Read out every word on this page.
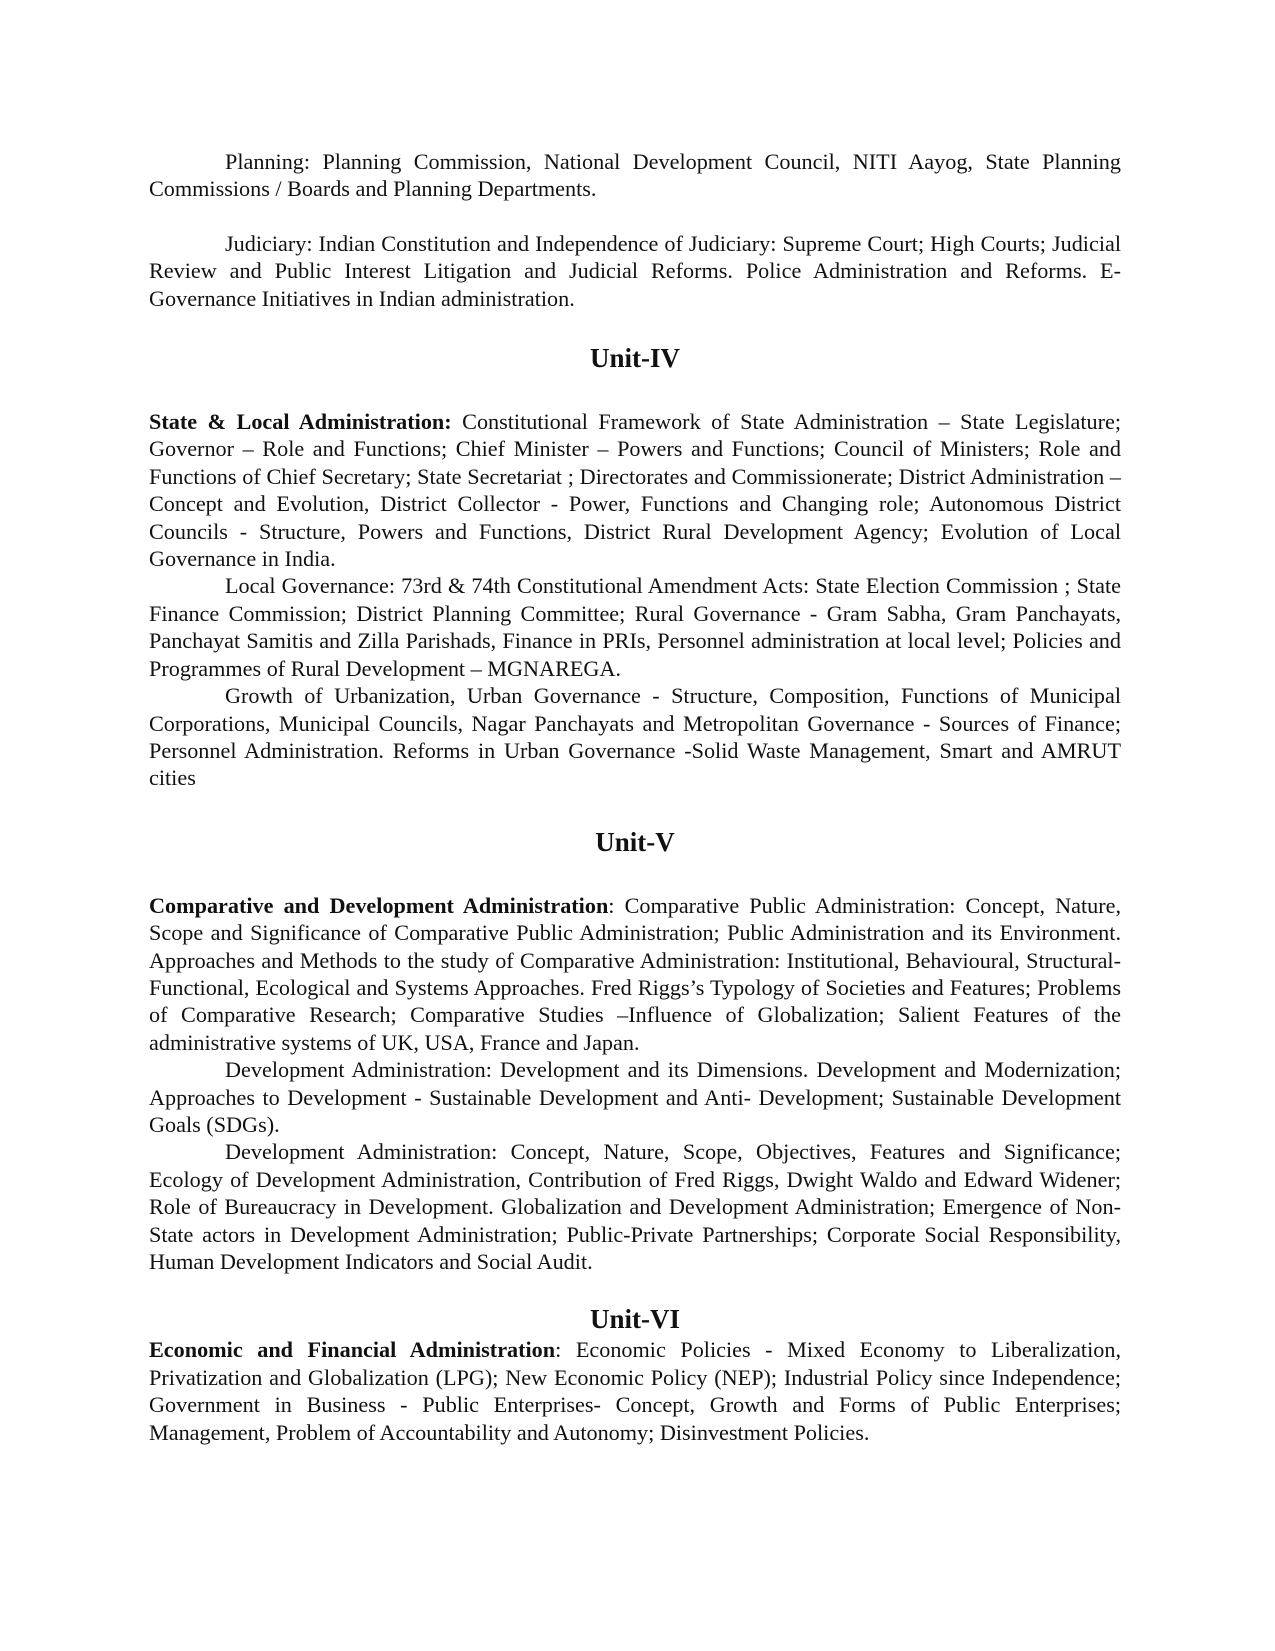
Planning: Planning Commission, National Development Council, NITI Aayog, State Planning Commissions / Boards and Planning Departments.

Judiciary: Indian Constitution and Independence of Judiciary: Supreme Court; High Courts; Judicial Review and Public Interest Litigation and Judicial Reforms. Police Administration and Reforms. E- Governance Initiatives in Indian administration.

Unit-IV

State & Local Administration: Constitutional Framework of State Administration – State Legislature; Governor – Role and Functions; Chief Minister – Powers and Functions; Council of Ministers; Role and Functions of Chief Secretary; State Secretariat ; Directorates and Commissionerate; District Administration – Concept and Evolution, District Collector - Power, Functions and Changing role; Autonomous District Councils - Structure, Powers and Functions, District Rural Development Agency; Evolution of Local Governance in India.

Local Governance: 73rd & 74th Constitutional Amendment Acts: State Election Commission ; State Finance Commission; District Planning Committee; Rural Governance - Gram Sabha, Gram Panchayats, Panchayat Samitis and Zilla Parishads, Finance in PRIs, Personnel administration at local level; Policies and Programmes of Rural Development – MGNAREGA.

Growth of Urbanization, Urban Governance - Structure, Composition, Functions of Municipal Corporations, Municipal Councils, Nagar Panchayats and Metropolitan Governance - Sources of Finance; Personnel Administration. Reforms in Urban Governance -Solid Waste Management, Smart and AMRUT cities

Unit-V

Comparative and Development Administration: Comparative Public Administration: Concept, Nature, Scope and Significance of Comparative Public Administration; Public Administration and its Environment. Approaches and Methods to the study of Comparative Administration: Institutional, Behavioural, Structural-Functional, Ecological and Systems Approaches. Fred Riggs’s Typology of Societies and Features; Problems of Comparative Research; Comparative Studies –Influence of Globalization; Salient Features of the administrative systems of UK, USA, France and Japan.

Development Administration: Development and its Dimensions. Development and Modernization; Approaches to Development - Sustainable Development and Anti- Development; Sustainable Development Goals (SDGs).

Development Administration: Concept, Nature, Scope, Objectives, Features and Significance; Ecology of Development Administration, Contribution of Fred Riggs, Dwight Waldo and Edward Widener; Role of Bureaucracy in Development. Globalization and Development Administration; Emergence of Non-State actors in Development Administration; Public-Private Partnerships; Corporate Social Responsibility, Human Development Indicators and Social Audit.

Unit-VI

Economic and Financial Administration: Economic Policies - Mixed Economy to Liberalization, Privatization and Globalization (LPG); New Economic Policy (NEP); Industrial Policy since Independence; Government in Business - Public Enterprises- Concept, Growth and Forms of Public Enterprises; Management, Problem of Accountability and Autonomy; Disinvestment Policies.
